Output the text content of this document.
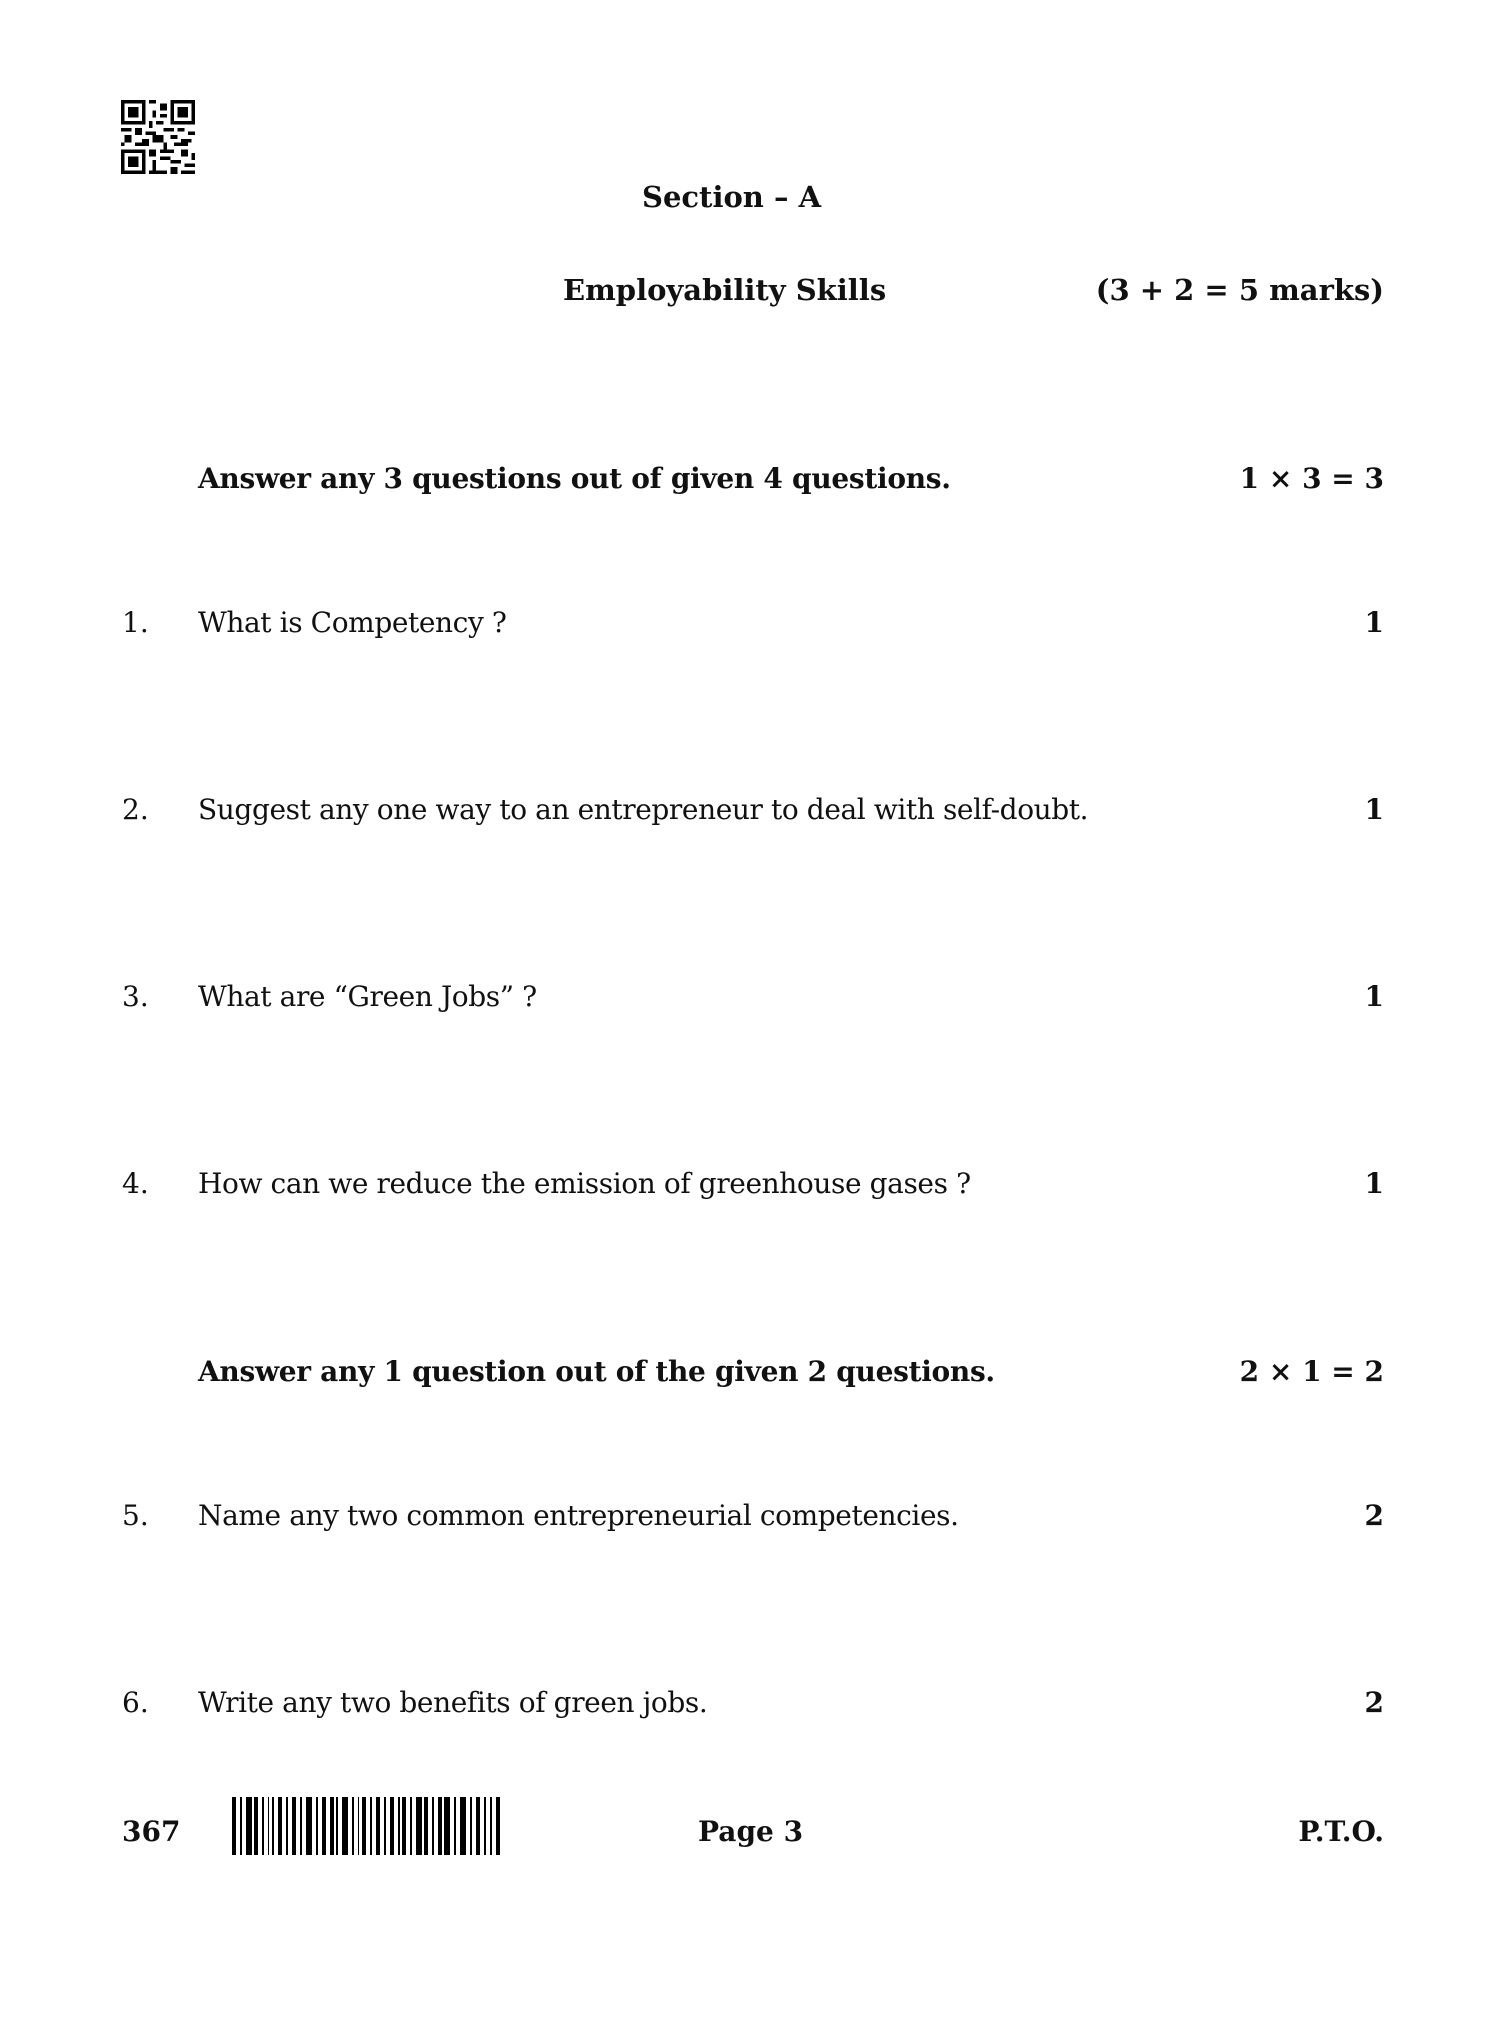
Section – A
Employability Skills	(3 + 2 = 5 marks)
Answer any 3 questions out of given 4 questions.	1 × 3 = 3
1. What is Competency ?	1
2. Suggest any one way to an entrepreneur to deal with self-doubt.	1
3. What are “Green Jobs” ?	1
4. How can we reduce the emission of greenhouse gases ?	1
Answer any 1 question out of the given 2 questions.	2 × 1 = 2
5. Name any two common entrepreneurial competencies.	2
6. Write any two benefits of green jobs.	2
367	Page 3	P.T.O.
